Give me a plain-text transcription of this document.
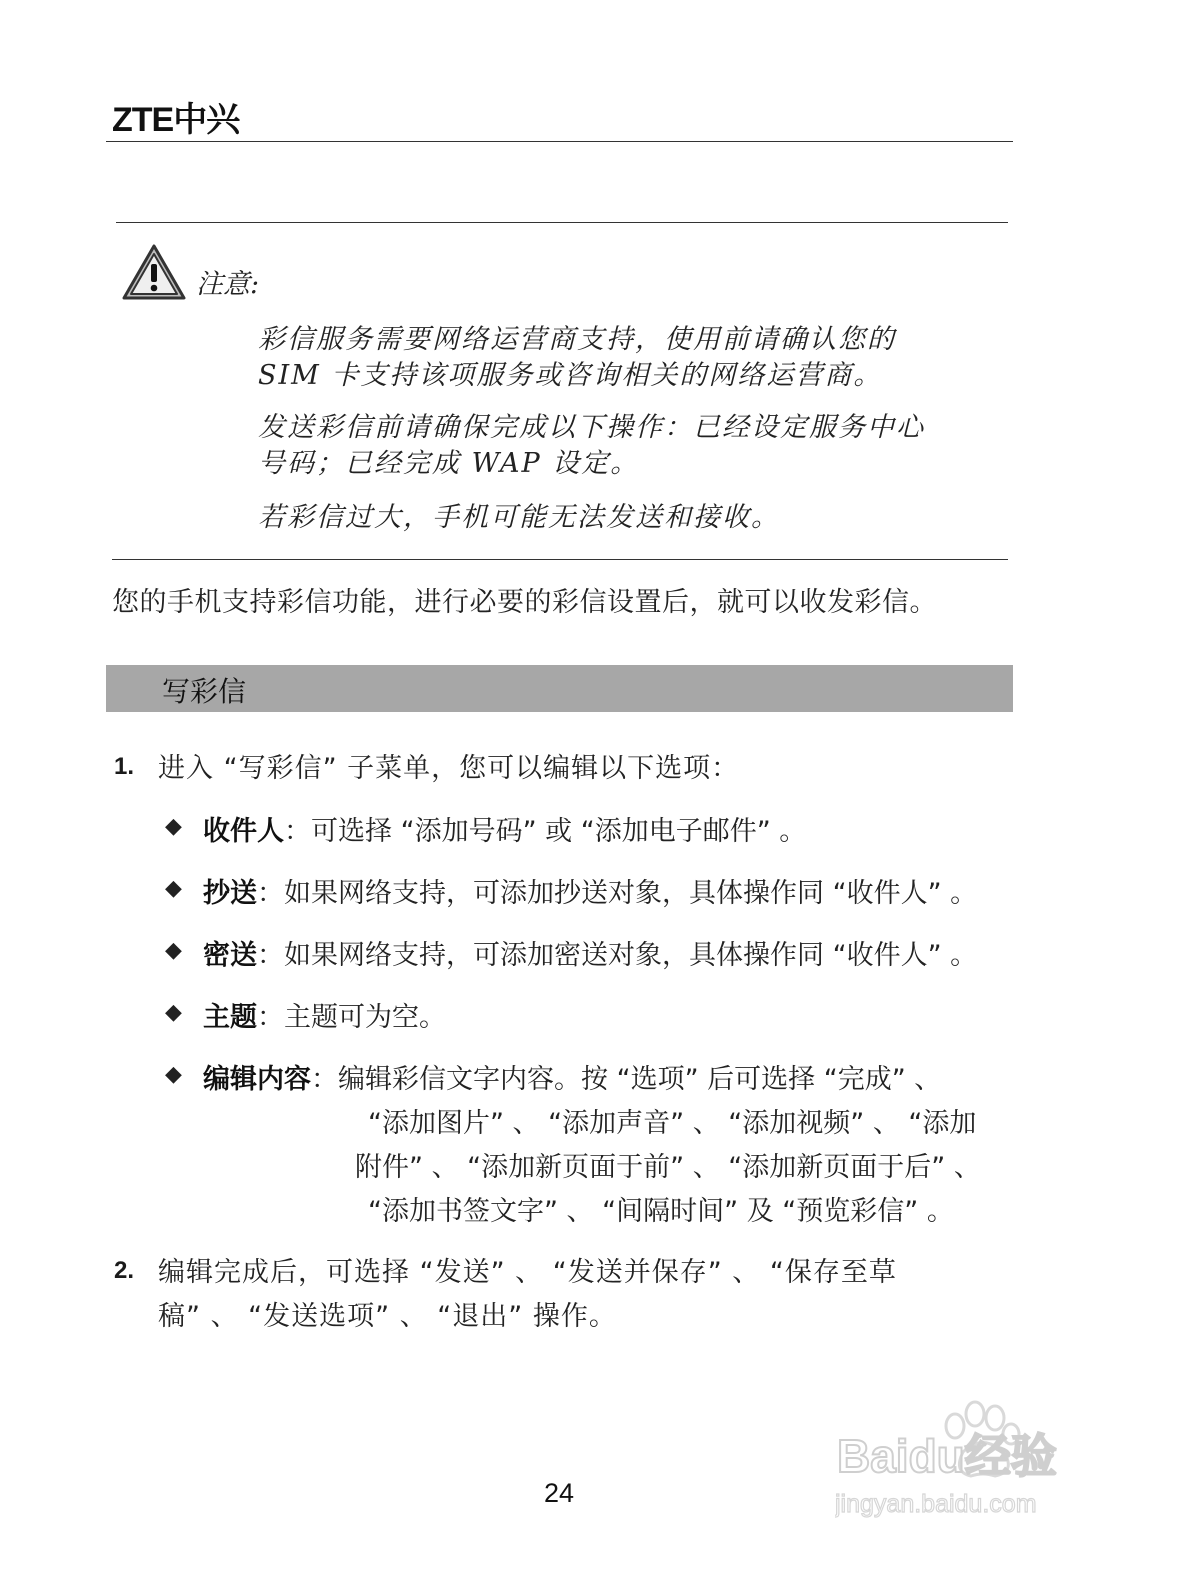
ZTE中兴
注意:

彩信服务需要网络运营商支持，使用前请确认您的
SIM 卡支持该项服务或咨询相关的网络运营商。

发送彩信前请确保完成以下操作：已经设定服务中心
号码；已经完成 WAP 设定。

若彩信过大，手机可能无法发送和接收。

您的手机支持彩信功能，进行必要的彩信设置后，就可以收发彩信。

写彩信
1. 进入 “写彩信” 子菜单，您可以编辑以下选项：

◆ 收件人：可选择 “添加号码” 或 “添加电子邮件” 。

◆ 抄送：如果网络支持，可添加抄送对象，具体操作同 “收件人” 。

◆ 密送：如果网络支持，可添加密送对象，具体操作同 “收件人” 。

◆ 主题：主题可为空。

◆ 编辑内容：编辑彩信文字内容。按 “选项” 后可选择 “完成” 、

“添加图片” 、 “添加声音” 、 “添加视频” 、 “添加

附件” 、 “添加新页面于前” 、 “添加新页面于后” 、

“添加书签文字” 、 “间隔时间” 及 “预览彩信” 。

2. 编辑完成后，可选择 “发送” 、 “发送并保存” 、 “保存至草

稿” 、 “发送选项” 、 “退出” 操作。

Baidu经验
jingyan.baidu.com
24
